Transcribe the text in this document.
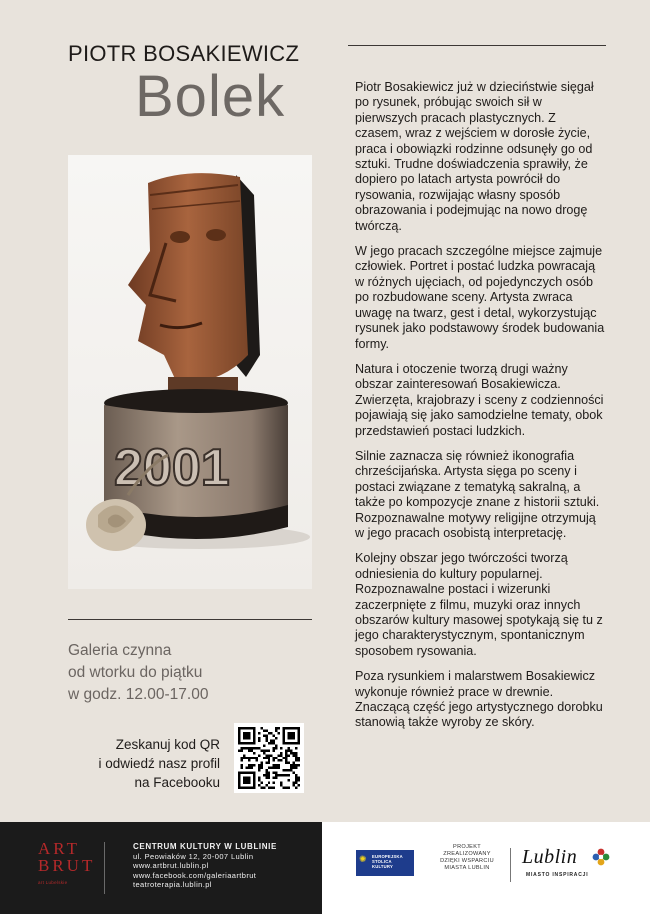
PIOTR BOSAKIEWICZ
Bolek
2001
Galeria czynna
od wtorku do piątku
w godz. 12.00-17.00
Zeskanuj kod QR
i odwiedź nasz profil
na Facebooku

Piotr Bosakiewicz już w dzieciństwie sięgał po rysunek, próbując swoich sił w pierwszych pracach plastycznych. Z czasem, wraz z wejściem w dorosłe życie, praca i obowiązki rodzinne odsunęły go od sztuki. Trudne doświadczenia sprawiły, że dopiero po latach artysta powrócił do rysowania, rozwijając własny sposób obrazowania i podejmując na nowo drogę twórczą.

W jego pracach szczególne miejsce zajmuje człowiek. Portret i postać ludzka powracają w różnych ujęciach, od pojedynczych osób po rozbudowane sceny. Artysta zwraca uwagę na twarz, gest i detal, wykorzystując rysunek jako podstawowy środek budowania formy.

Natura i otoczenie tworzą drugi ważny obszar zainteresowań Bosakiewicza. Zwierzęta, krajobrazy i sceny z codzienności pojawiają się jako samodzielne tematy, obok przedstawień postaci ludzkich.

Silnie zaznacza się również ikonografia chrześcijańska. Artysta sięga po sceny i postaci związane z tematyką sakralną, a także po kompozycje znane z historii sztuki. Rozpoznawalne motywy religijne otrzymują w jego pracach osobistą interpretację.

Kolejny obszar jego twórczości tworzą odniesienia do kultury popularnej. Rozpoznawalne postaci i wizerunki zaczerpnięte z filmu, muzyki oraz innych obszarów kultury masowej spotykają się tu z jego charakterystycznym, spontanicznym sposobem rysowania.

Poza rysunkiem i malarstwem Bosakiewicz wykonuje również prace w drewnie. Znaczącą część jego artystycznego dorobku stanowią także wyroby ze skóry.

ART
BRUT
art Lubelskie
CENTRUM KULTURY W LUBLINIE
ul. Peowiaków 12, 20-007 Lublin
www.artbrut.lublin.pl
www.facebook.com/galeriaartbrut
teatroterapia.lublin.pl
✺ EUROPEJSKA
STOLICA
KULTURY
PROJEKT
ZREALIZOWANY
DZIĘKI WSPARCIU
MIASTA LUBLIN	Lublin
MIASTO INSPIRACJI
